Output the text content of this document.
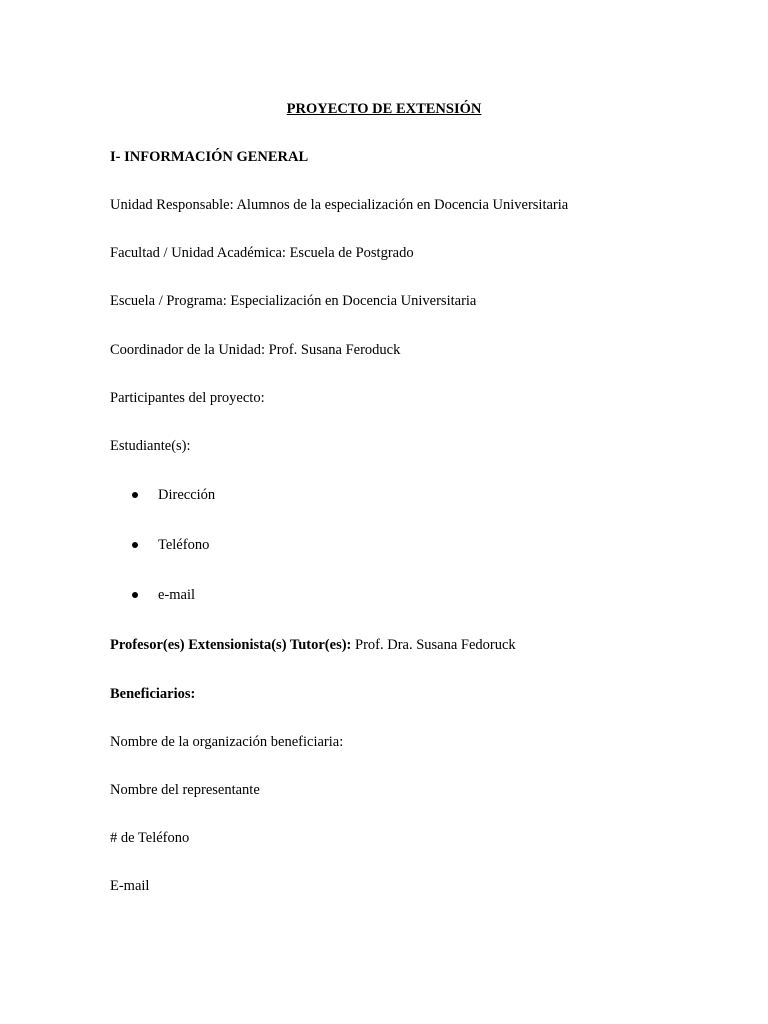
PROYECTO DE EXTENSIÓN
I- INFORMACIÓN GENERAL
Unidad Responsable: Alumnos de la especialización en Docencia Universitaria
Facultad / Unidad Académica: Escuela de Postgrado
Escuela / Programa: Especialización en Docencia Universitaria
Coordinador de la Unidad: Prof. Susana Feroduck
Participantes del proyecto:
Estudiante(s):
Dirección
Teléfono
e-mail
Profesor(es) Extensionista(s) Tutor(es): Prof. Dra. Susana Fedoruck
Beneficiarios:
Nombre de la organización beneficiaria:
Nombre del representante
# de Teléfono
E-mail
